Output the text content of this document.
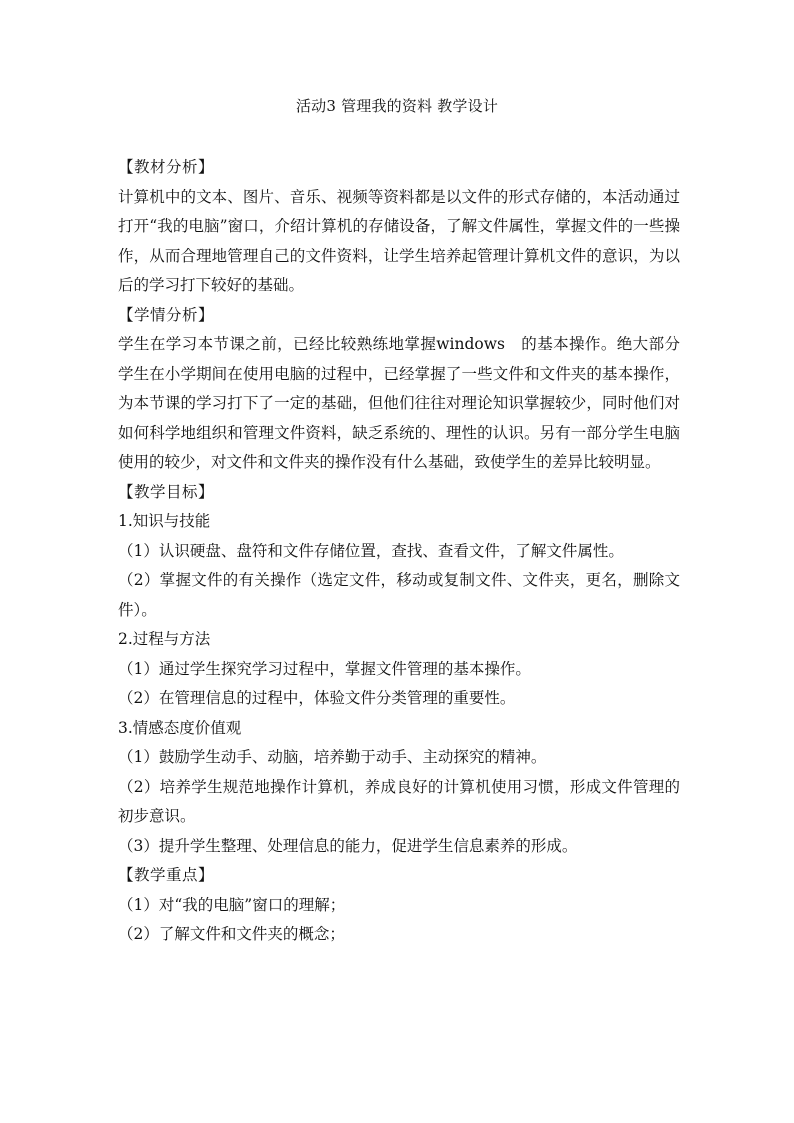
活动3 管理我的资料 教学设计

【教材分析】

计算机中的文本、图片、音乐、视频等资料都是以文件的形式存储的，本活动通过打开“我的电脑”窗口，介绍计算机的存储设备，了解文件属性，掌握文件的一些操作，从而合理地管理自己的文件资料，让学生培养起管理计算机文件的意识，为以后的学习打下较好的基础。

【学情分析】

学生在学习本节课之前，已经比较熟练地掌握windows　的基本操作。绝大部分学生在小学期间在使用电脑的过程中，已经掌握了一些文件和文件夹的基本操作，为本节课的学习打下了一定的基础，但他们往往对理论知识掌握较少，同时他们对如何科学地组织和管理文件资料，缺乏系统的、理性的认识。另有一部分学生电脑使用的较少，对文件和文件夹的操作没有什么基础，致使学生的差异比较明显。

【教学目标】

1.知识与技能

（1）认识硬盘、盘符和文件存储位置，查找、查看文件，了解文件属性。

（2）掌握文件的有关操作（选定文件，移动或复制文件、文件夹，更名，删除文件）。

2.过程与方法

（1）通过学生探究学习过程中，掌握文件管理的基本操作。

（2）在管理信息的过程中，体验文件分类管理的重要性。

3.情感态度价值观

（1）鼓励学生动手、动脑，培养勤于动手、主动探究的精神。

（2）培养学生规范地操作计算机，养成良好的计算机使用习惯，形成文件管理的初步意识。

（3）提升学生整理、处理信息的能力，促进学生信息素养的形成。

【教学重点】

（1）对“我的电脑”窗口的理解；

（2）了解文件和文件夹的概念；
